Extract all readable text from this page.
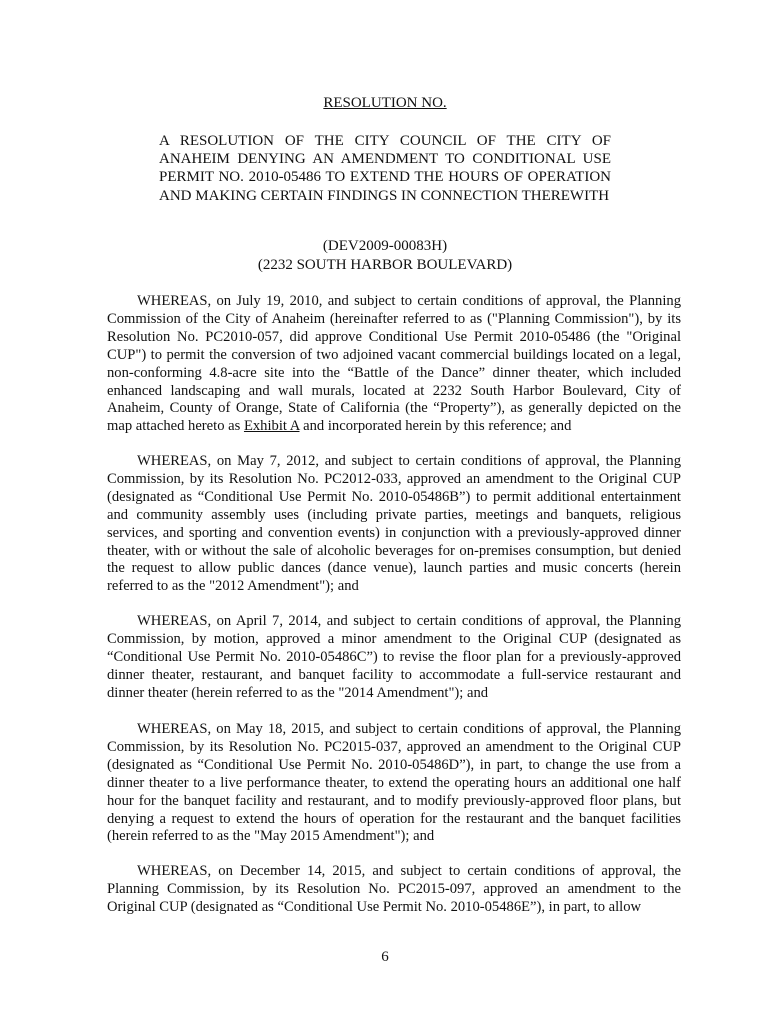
RESOLUTION NO.

A RESOLUTION OF THE CITY COUNCIL OF THE CITY OF ANAHEIM DENYING AN AMENDMENT TO CONDITIONAL USE PERMIT NO. 2010-05486 TO EXTEND THE HOURS OF OPERATION AND MAKING CERTAIN FINDINGS IN CONNECTION THEREWITH

(DEV2009-00083H)

(2232 SOUTH HARBOR BOULEVARD)

WHEREAS, on July 19, 2010, and subject to certain conditions of approval, the Planning Commission of the City of Anaheim (hereinafter referred to as ("Planning Commission"), by its Resolution No. PC2010-057, did approve Conditional Use Permit 2010-05486 (the "Original CUP") to permit the conversion of two adjoined vacant commercial buildings located on a legal, non-conforming 4.8-acre site into the “Battle of the Dance” dinner theater, which included enhanced landscaping and wall murals, located at 2232 South Harbor Boulevard, City of Anaheim, County of Orange, State of California (the “Property”), as generally depicted on the map attached hereto as Exhibit A and incorporated herein by this reference; and

WHEREAS, on May 7, 2012, and subject to certain conditions of approval, the Planning Commission, by its Resolution No. PC2012-033, approved an amendment to the Original CUP (designated as “Conditional Use Permit No. 2010-05486B”) to permit additional entertainment and community assembly uses (including private parties, meetings and banquets, religious services, and sporting and convention events) in conjunction with a previously-approved dinner theater, with or without the sale of alcoholic beverages for on-premises consumption, but denied the request to allow public dances (dance venue), launch parties and music concerts (herein referred to as the "2012 Amendment"); and

WHEREAS, on April 7, 2014, and subject to certain conditions of approval, the Planning Commission, by motion, approved a minor amendment to the Original CUP (designated as “Conditional Use Permit No. 2010-05486C”) to revise the floor plan for a previously-approved dinner theater, restaurant, and banquet facility to accommodate a full-service restaurant and dinner theater (herein referred to as the "2014 Amendment"); and

WHEREAS, on May 18, 2015, and subject to certain conditions of approval, the Planning Commission, by its Resolution No. PC2015-037, approved an amendment to the Original CUP (designated as “Conditional Use Permit No. 2010-05486D”), in part, to change the use from a dinner theater to a live performance theater, to extend the operating hours an additional one half hour for the banquet facility and restaurant, and to modify previously-approved floor plans, but denying a request to extend the hours of operation for the restaurant and the banquet facilities (herein referred to as the "May 2015 Amendment"); and

WHEREAS, on December 14, 2015, and subject to certain conditions of approval, the Planning Commission, by its Resolution No. PC2015-097, approved an amendment to the Original CUP (designated as “Conditional Use Permit No. 2010-05486E”), in part, to allow

6
